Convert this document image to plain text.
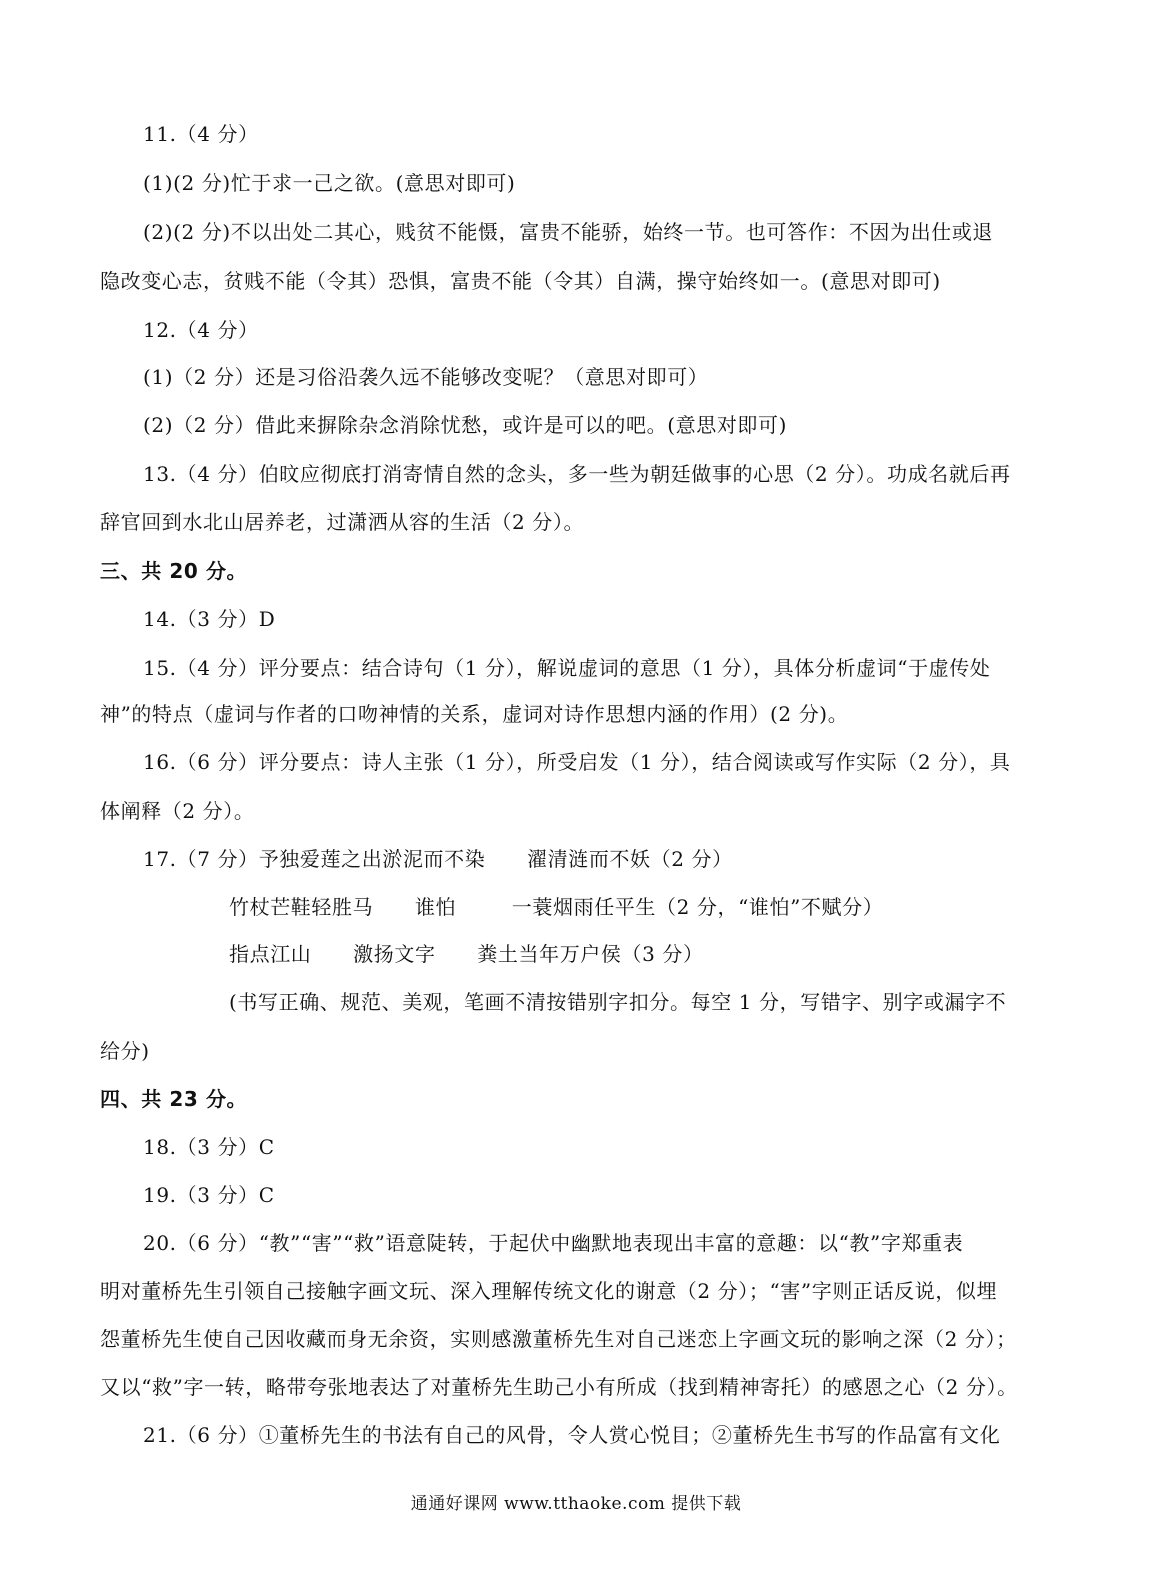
11.（4 分）
(1)(2 分)忙于求一己之欲。(意思对即可)
(2)(2 分)不以出处二其心，贱贫不能慑，富贵不能骄，始终一节。也可答作：不因为出仕或退
隐改变心志，贫贱不能（令其）恐惧，富贵不能（令其）自满，操守始终如一。(意思对即可)
12.（4 分）
(1)（2 分）还是习俗沿袭久远不能够改变呢？（意思对即可）
(2)（2 分）借此来摒除杂念消除忧愁，或许是可以的吧。(意思对即可)
13.（4 分）伯旼应彻底打消寄情自然的念头，多一些为朝廷做事的心思（2 分）。功成名就后再
辞官回到水北山居养老，过潇洒从容的生活（2 分）。
三、共 20 分。
14.（3 分）D
15.（4 分）评分要点：结合诗句（1 分），解说虚词的意思（1 分），具体分析虚词“于虚传处
神”的特点（虚词与作者的口吻神情的关系，虚词对诗作思想内涵的作用）(2 分)。
16.（6 分）评分要点：诗人主张（1 分），所受启发（1 分），结合阅读或写作实际（2 分），具
体阐释（2 分）。
17.（7 分）予独爱莲之出淤泥而不染      濯清涟而不妖（2 分）
竹杖芒鞋轻胜马      谁怕        一蓑烟雨任平生（2 分，“谁怕”不赋分）
指点江山      激扬文字      粪土当年万户侯（3 分）
(书写正确、规范、美观，笔画不清按错别字扣分。每空 1 分，写错字、别字或漏字不
给分)
四、共 23 分。
18.（3 分）C
19.（3 分）C
20.（6 分）“教”“害”“救”语意陡转，于起伏中幽默地表现出丰富的意趣：以“教”字郑重表
明对董桥先生引领自己接触字画文玩、深入理解传统文化的谢意（2 分）；“害”字则正话反说，似埋
怨董桥先生使自己因收藏而身无余资，实则感激董桥先生对自己迷恋上字画文玩的影响之深（2 分）；
又以“救”字一转，略带夸张地表达了对董桥先生助己小有所成（找到精神寄托）的感恩之心（2 分）。
21.（6 分）①董桥先生的书法有自己的风骨，令人赏心悦目；②董桥先生书写的作品富有文化
通通好课网 www.tthaoke.com 提供下载
